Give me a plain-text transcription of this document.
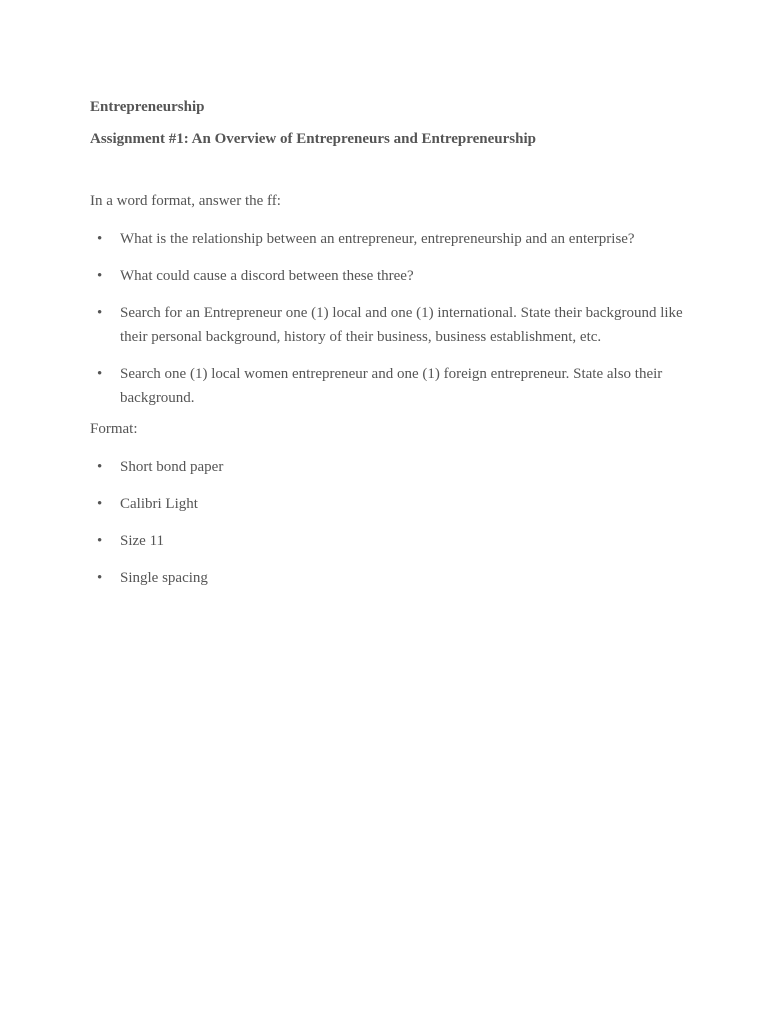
Entrepreneurship

Assignment #1: An Overview of Entrepreneurs and Entrepreneurship

In a word format, answer the ff:

• What is the relationship between an entrepreneur, entrepreneurship and an enterprise?
• What could cause a discord between these three?
• Search for an Entrepreneur one (1) local and one (1) international. State their background like their personal background, history of their business, business establishment, etc.
• Search one (1) local women entrepreneur and one (1) foreign entrepreneur. State also their background.

Format:

• Short bond paper
• Calibri Light
• Size 11
• Single spacing
